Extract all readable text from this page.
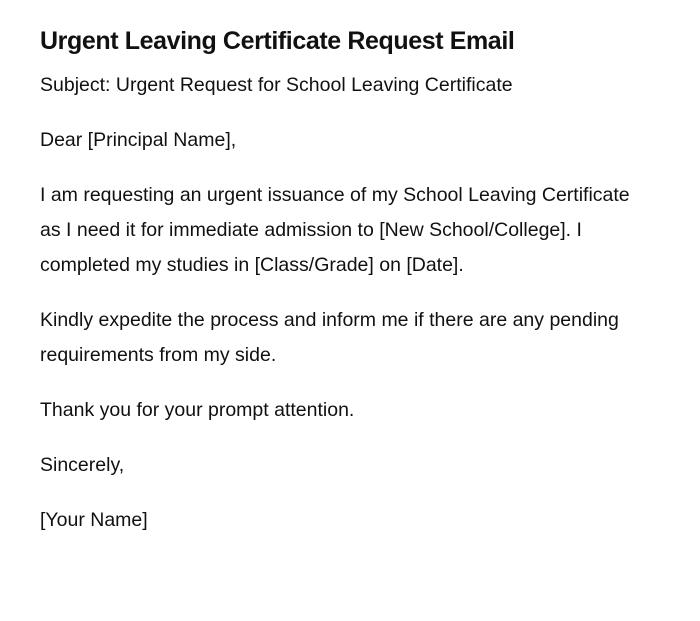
Urgent Leaving Certificate Request Email
Subject: Urgent Request for School Leaving Certificate

Dear [Principal Name],

I am requesting an urgent issuance of my School Leaving Certificate as I need it for immediate admission to [New School/College]. I completed my studies in [Class/Grade] on [Date].

Kindly expedite the process and inform me if there are any pending requirements from my side.

Thank you for your prompt attention.

Sincerely,

[Your Name]
